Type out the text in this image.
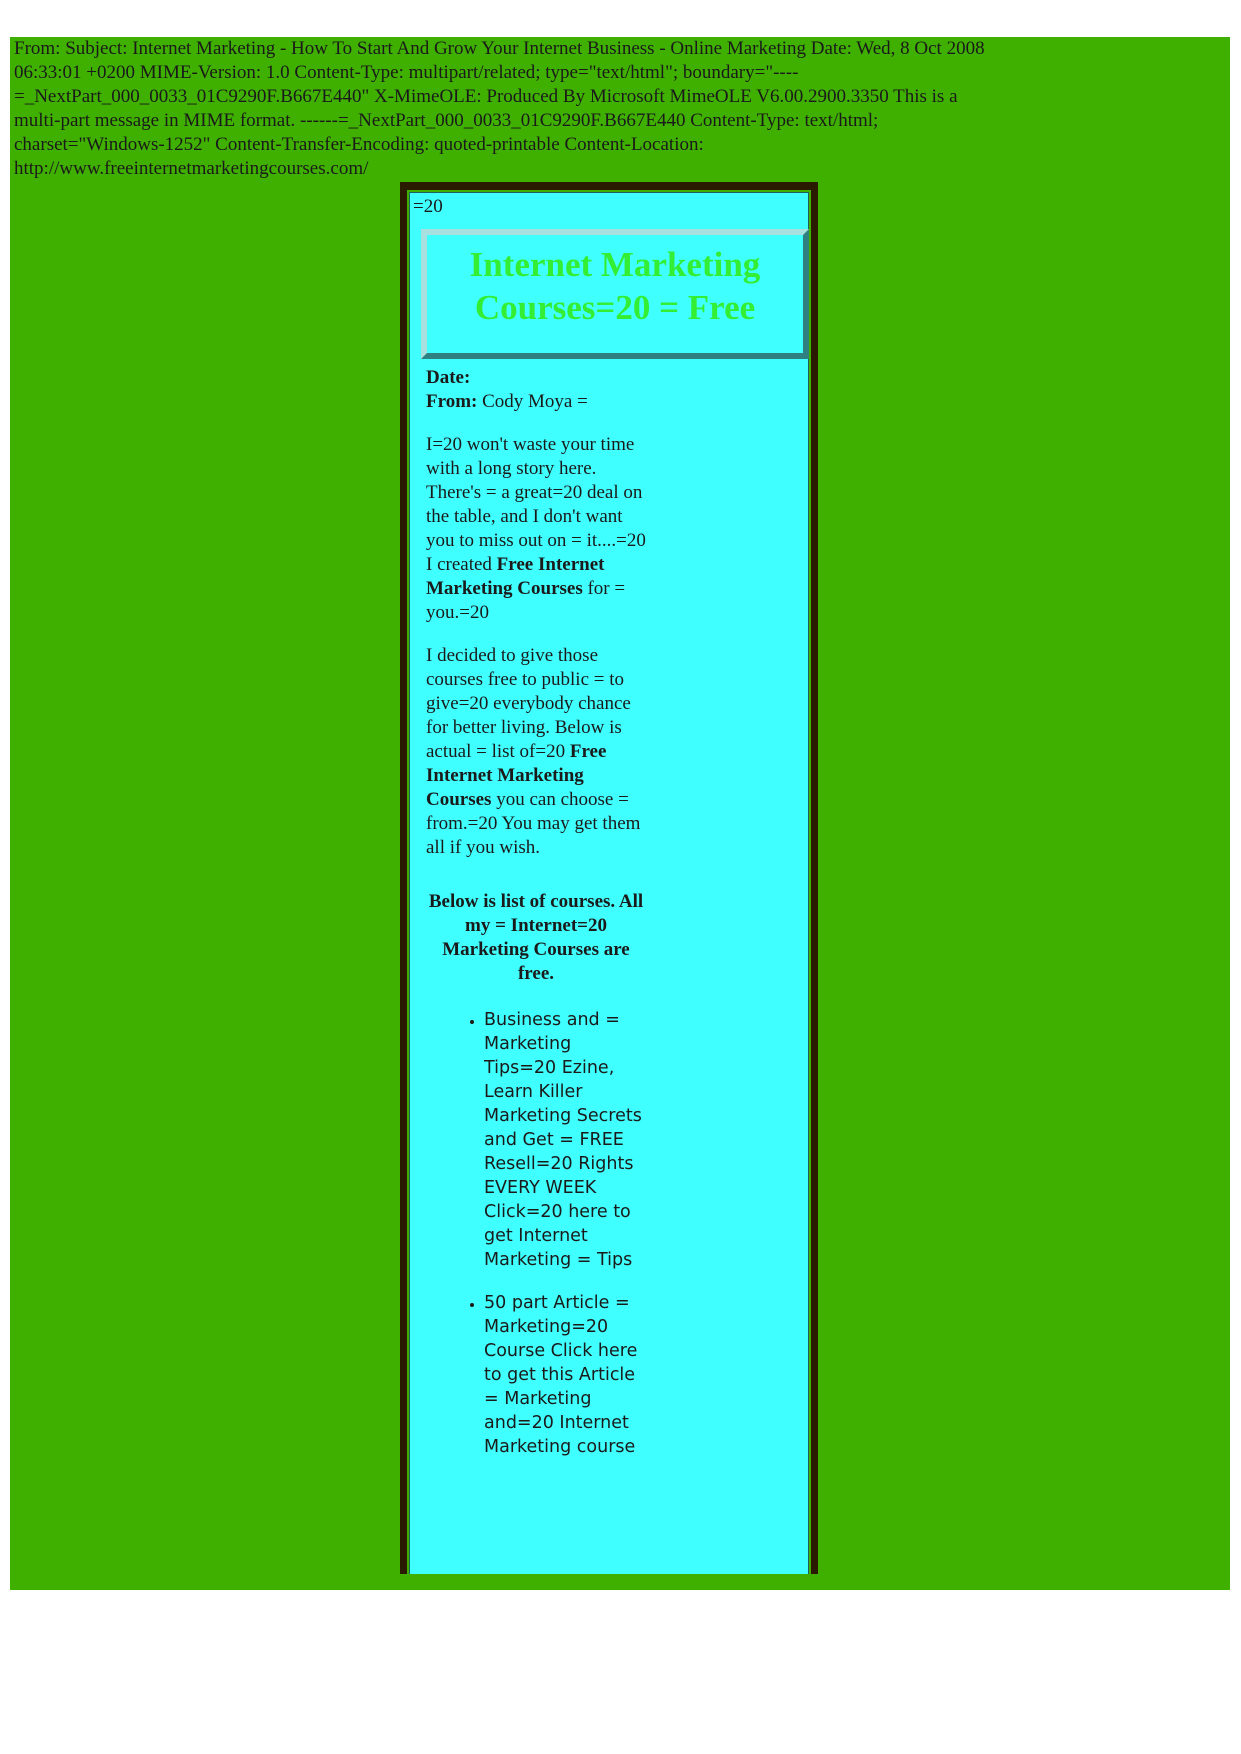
From: Subject: Internet Marketing - How To Start And Grow Your Internet Business - Online Marketing Date: Wed, 8 Oct 2008 06:33:01 +0200 MIME-Version: 1.0 Content-Type: multipart/related; type="text/html"; boundary="----=_NextPart_000_0033_01C9290F.B667E440" X-MimeOLE: Produced By Microsoft MimeOLE V6.00.2900.3350 This is a multi-part message in MIME format. ------=_NextPart_000_0033_01C9290F.B667E440 Content-Type: text/html; charset="Windows-1252" Content-Transfer-Encoding: quoted-printable Content-Location: http://www.freeinternetmarketingcourses.com/

=20
Internet Marketing
Courses=20 = Free

Date:
From: Cody Moya =

I=20 won't waste your time with a long story here. There's = a great=20 deal on the table, and I don't want you to miss out on = it....=20 I created Free Internet Marketing Courses for = you.=20

I decided to give those courses free to public = to give=20 everybody chance for better living. Below is actual = list of=20 Free Internet Marketing Courses you can choose = from.=20 You may get them all if you wish.

Below is list of courses. All my = Internet=20 Marketing Courses are free.

• Business and = Marketing Tips=20 Ezine, Learn Killer Marketing Secrets and Get = FREE Resell=20 Rights EVERY WEEK Click=20 here to get Internet Marketing = Tips
• 50 part Article = Marketing=20 Course Click here to get this Article = Marketing and=20 Internet Marketing course
